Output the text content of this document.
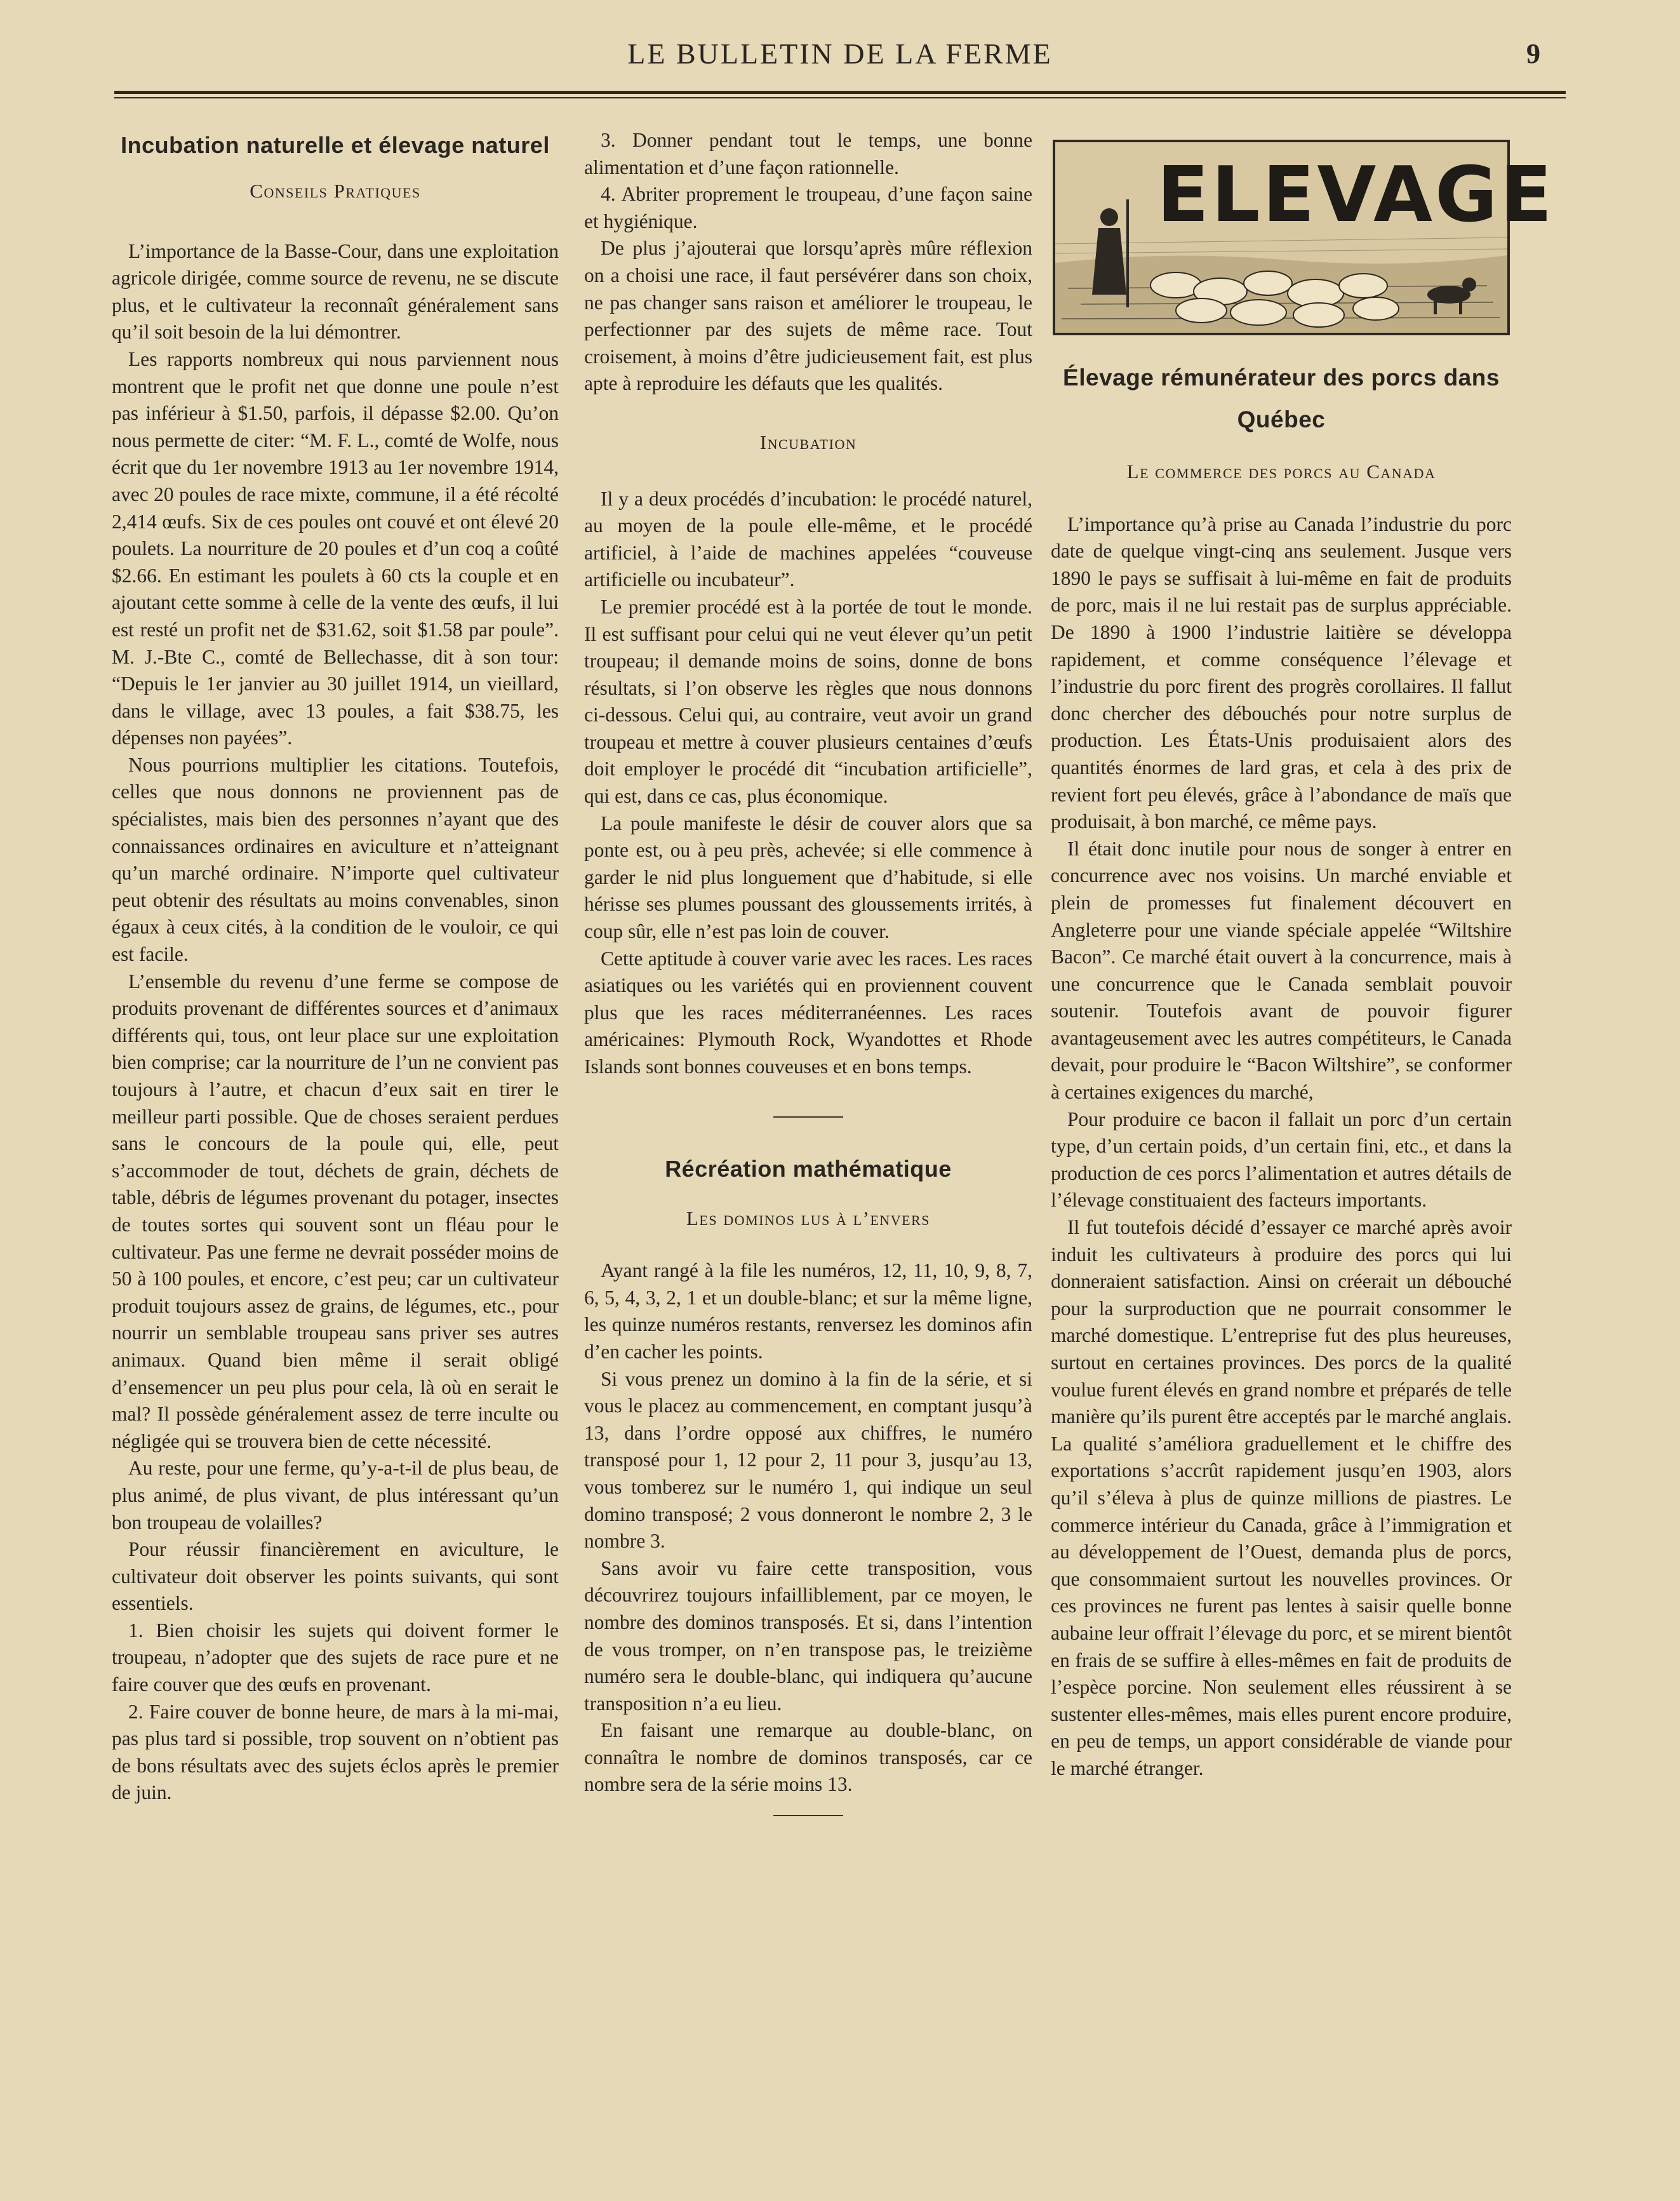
LE BULLETIN DE LA FERME	9
Incubation naturelle et élevage naturel
Conseils Pratiques

L’importance de la Basse-Cour, dans une exploitation agricole dirigée, comme source de revenu, ne se discute plus, et le cultivateur la reconnaît généralement sans qu’il soit besoin de la lui démontrer.

Les rapports nombreux qui nous parviennent nous montrent que le profit net que donne une poule n’est pas inférieur à $1.50, parfois, il dépasse $2.00. Qu’on nous permette de citer: “M. F. L., comté de Wolfe, nous écrit que du 1er novembre 1913 au 1er novembre 1914, avec 20 poules de race mixte, commune, il a été récolté 2,414 œufs. Six de ces poules ont couvé et ont élevé 20 poulets. La nourriture de 20 poules et d’un coq a coûté $2.66. En estimant les poulets à 60 cts la couple et en ajoutant cette somme à celle de la vente des œufs, il lui est resté un profit net de $31.62, soit $1.58 par poule”. M. J.-Bte C., comté de Bellechasse, dit à son tour: “Depuis le 1er janvier au 30 juillet 1914, un vieillard, dans le village, avec 13 poules, a fait $38.75, les dépenses non payées”.

Nous pourrions multiplier les citations. Toutefois, celles que nous donnons ne proviennent pas de spécialistes, mais bien des personnes n’ayant que des connaissances ordinaires en aviculture et n’atteignant qu’un marché ordinaire. N’importe quel cultivateur peut obtenir des résultats au moins convenables, sinon égaux à ceux cités, à la condition de le vouloir, ce qui est facile.

L’ensemble du revenu d’une ferme se compose de produits provenant de différentes sources et d’animaux différents qui, tous, ont leur place sur une exploitation bien comprise; car la nourriture de l’un ne convient pas toujours à l’autre, et chacun d’eux sait en tirer le meilleur parti possible. Que de choses seraient perdues sans le concours de la poule qui, elle, peut s’accommoder de tout, déchets de grain, déchets de table, débris de légumes provenant du potager, insectes de toutes sortes qui souvent sont un fléau pour le cultivateur. Pas une ferme ne devrait posséder moins de 50 à 100 poules, et encore, c’est peu; car un cultivateur produit toujours assez de grains, de légumes, etc., pour nourrir un semblable troupeau sans priver ses autres animaux. Quand bien même il serait obligé d’ensemencer un peu plus pour cela, là où en serait le mal? Il possède généralement assez de terre inculte ou négligée qui se trouvera bien de cette nécessité.

Au reste, pour une ferme, qu’y-a-t-il de plus beau, de plus animé, de plus vivant, de plus intéressant qu’un bon troupeau de volailles?

Pour réussir financièrement en aviculture, le cultivateur doit observer les points suivants, qui sont essentiels.

1. Bien choisir les sujets qui doivent former le troupeau, n’adopter que des sujets de race pure et ne faire couver que des œufs en provenant.

2. Faire couver de bonne heure, de mars à la mi-mai, pas plus tard si possible, trop souvent on n’obtient pas de bons résultats avec des sujets éclos après le premier de juin.

3. Donner pendant tout le temps, une bonne alimentation et d’une façon rationnelle.

4. Abriter proprement le troupeau, d’une façon saine et hygiénique.

De plus j’ajouterai que lorsqu’après mûre réflexion on a choisi une race, il faut persévérer dans son choix, ne pas changer sans raison et améliorer le troupeau, le perfectionner par des sujets de même race. Tout croisement, à moins d’être judicieusement fait, est plus apte à reproduire les défauts que les qualités.

Incubation

Il y a deux procédés d’incubation: le procédé naturel, au moyen de la poule elle-même, et le procédé artificiel, à l’aide de machines appelées “couveuse artificielle ou incubateur”.

Le premier procédé est à la portée de tout le monde. Il est suffisant pour celui qui ne veut élever qu’un petit troupeau; il demande moins de soins, donne de bons résultats, si l’on observe les règles que nous donnons ci-dessous. Celui qui, au contraire, veut avoir un grand troupeau et mettre à couver plusieurs centaines d’œufs doit employer le procédé dit “incubation artificielle”, qui est, dans ce cas, plus économique.

La poule manifeste le désir de couver alors que sa ponte est, ou à peu près, achevée; si elle commence à garder le nid plus longuement que d’habitude, si elle hérisse ses plumes poussant des gloussements irrités, à coup sûr, elle n’est pas loin de couver.

Cette aptitude à couver varie avec les races. Les races asiatiques ou les variétés qui en proviennent couvent plus que les races méditerranéennes. Les races américaines: Plymouth Rock, Wyandottes et Rhode Islands sont bonnes couveuses et en bons temps.

Récréation mathématique
Les dominos lus à l’envers

Ayant rangé à la file les numéros, 12, 11, 10, 9, 8, 7, 6, 5, 4, 3, 2, 1 et un double-blanc; et sur la même ligne, les quinze numéros restants, renversez les dominos afin d’en cacher les points.

Si vous prenez un domino à la fin de la série, et si vous le placez au commencement, en comptant jusqu’à 13, dans l’ordre opposé aux chiffres, le numéro transposé pour 1, 12 pour 2, 11 pour 3, jusqu’au 13, vous tomberez sur le numéro 1, qui indique un seul domino transposé; 2 vous donneront le nombre 2, 3 le nombre 3.

Sans avoir vu faire cette transposition, vous découvrirez toujours infailliblement, par ce moyen, le nombre des dominos transposés. Et si, dans l’intention de vous tromper, on n’en transpose pas, le treizième numéro sera le double-blanc, qui indiquera qu’aucune transposition n’a eu lieu.

En faisant une remarque au double-blanc, on connaîtra le nombre de dominos transposés, car ce nombre sera de la série moins 13.

ELEVAGE
Élevage rémunérateur des porcs dans Québec
Le commerce des porcs au Canada

L’importance qu’à prise au Canada l’industrie du porc date de quelque vingt-cinq ans seulement. Jusque vers 1890 le pays se suffisait à lui-même en fait de produits de porc, mais il ne lui restait pas de surplus appréciable. De 1890 à 1900 l’industrie laitière se développa rapidement, et comme conséquence l’élevage et l’industrie du porc firent des progrès corollaires. Il fallut donc chercher des débouchés pour notre surplus de production. Les États-Unis produisaient alors des quantités énormes de lard gras, et cela à des prix de revient fort peu élevés, grâce à l’abondance de maïs que produisait, à bon marché, ce même pays.

Il était donc inutile pour nous de songer à entrer en concurrence avec nos voisins. Un marché enviable et plein de promesses fut finalement découvert en Angleterre pour une viande spéciale appelée “Wiltshire Bacon”. Ce marché était ouvert à la concurrence, mais à une concurrence que le Canada semblait pouvoir soutenir. Toutefois avant de pouvoir figurer avantageusement avec les autres compétiteurs, le Canada devait, pour produire le “Bacon Wiltshire”, se conformer à certaines exigences du marché,

Pour produire ce bacon il fallait un porc d’un certain type, d’un certain poids, d’un certain fini, etc., et dans la production de ces porcs l’alimentation et autres détails de l’élevage constituaient des facteurs importants.

Il fut toutefois décidé d’essayer ce marché après avoir induit les cultivateurs à produire des porcs qui lui donneraient satisfaction. Ainsi on créerait un débouché pour la surproduction que ne pourrait consommer le marché domestique. L’entreprise fut des plus heureuses, surtout en certaines provinces. Des porcs de la qualité voulue furent élevés en grand nombre et préparés de telle manière qu’ils purent être acceptés par le marché anglais. La qualité s’améliora graduellement et le chiffre des exportations s’accrût rapidement jusqu’en 1903, alors qu’il s’éleva à plus de quinze millions de piastres. Le commerce intérieur du Canada, grâce à l’immigration et au développement de l’Ouest, demanda plus de porcs, que consommaient surtout les nouvelles provinces. Or ces provinces ne furent pas lentes à saisir quelle bonne aubaine leur offrait l’élevage du porc, et se mirent bientôt en frais de se suffire à elles-mêmes en fait de produits de l’espèce porcine. Non seulement elles réussirent à se sustenter elles-mêmes, mais elles purent encore produire, en peu de temps, un apport considérable de viande pour le marché étranger.
